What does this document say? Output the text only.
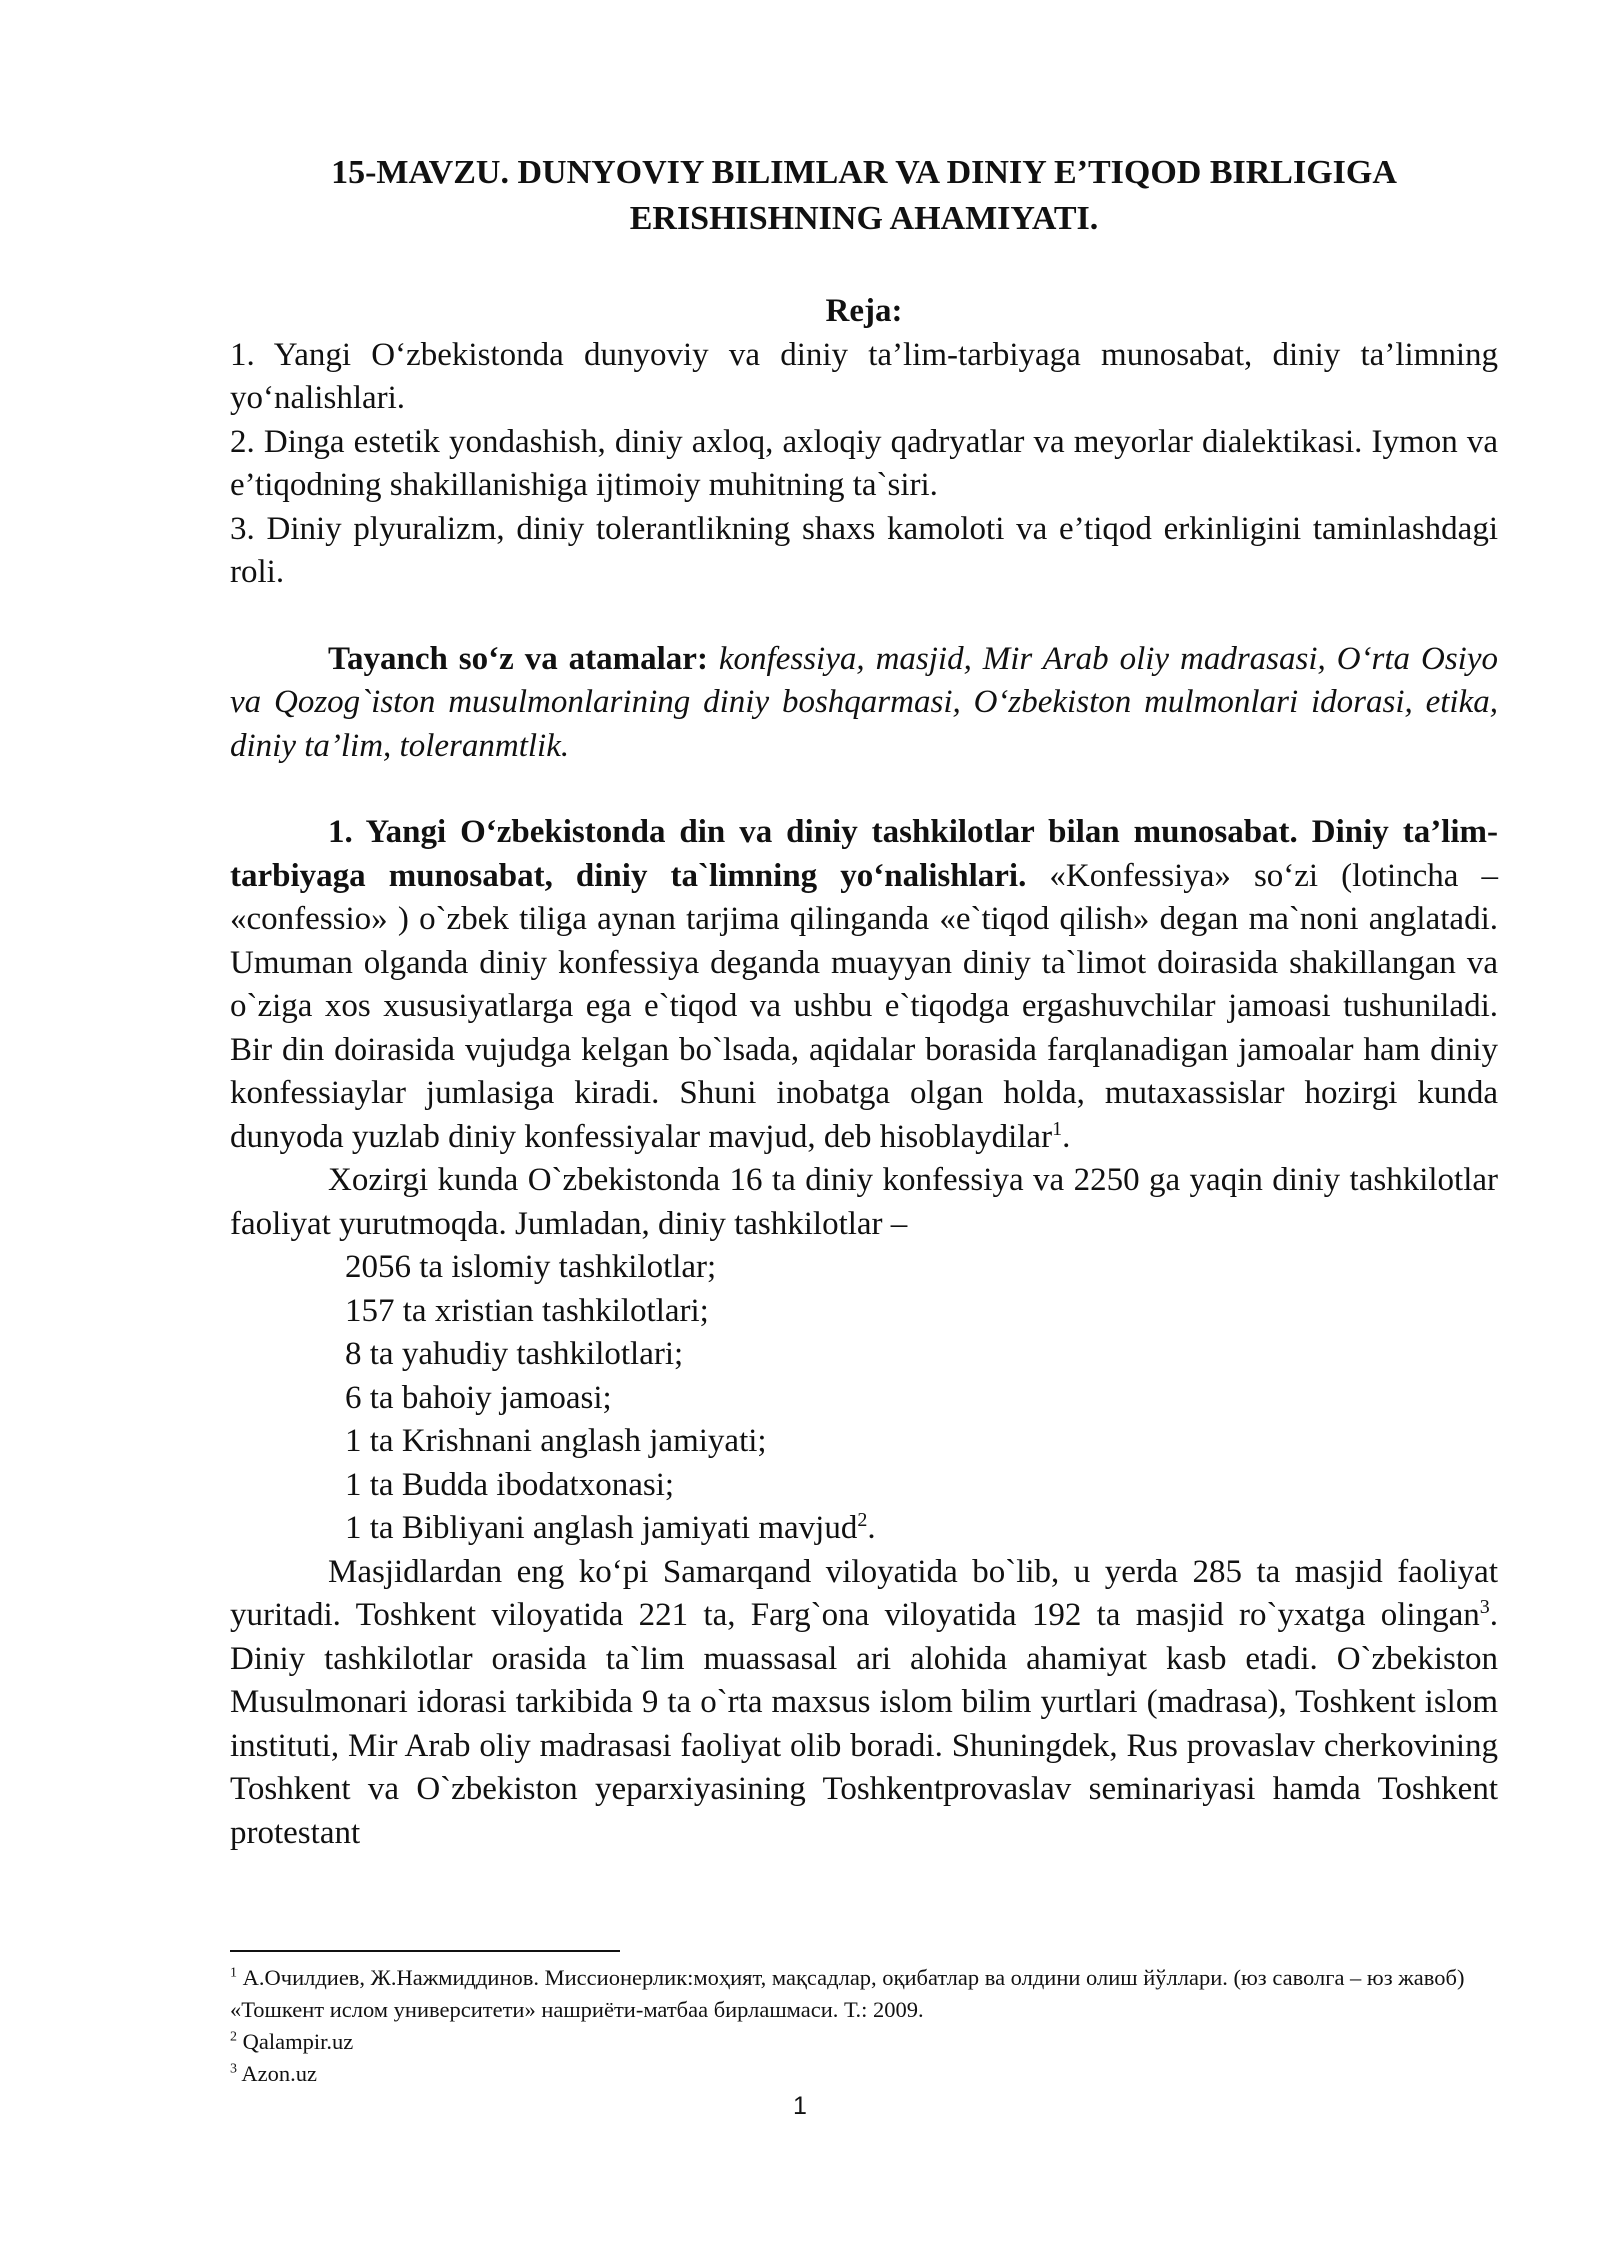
15-MAVZU. DUNYOVIY BILIMLAR VA DINIY E’TIQOD BIRLIGIGA
ERISHISHNING AHAMIYATI.

Reja:

1. Yangi O‘zbekistonda dunyoviy va diniy ta’lim-tarbiyaga munosabat, diniy ta’limning yo‘nalishlari.

2. Dinga estetik yondashish, diniy axloq, axloqiy qadryatlar va meyorlar dialektikasi. Iymon va e’tiqodning shakillanishiga ijtimoiy muhitning ta`siri.

3. Diniy plyuralizm, diniy tolerantlikning shaxs kamoloti va e’tiqod erkinligini taminlashdagi roli.

Tayanch so‘z va atamalar: konfessiya, masjid, Mir Arab oliy madrasasi, O‘rta Osiyo va Qozog`iston musulmonlarining diniy boshqarmasi, O‘zbekiston mulmonlari idorasi, etika, diniy ta’lim, toleranmtlik.

1. Yangi O‘zbekistonda din va diniy tashkilotlar bilan munosabat. Diniy ta’lim-tarbiyaga munosabat, diniy ta`limning yo‘nalishlari. «Konfessiya» so‘zi (lotincha – «confessio» ) o`zbek tiliga aynan tarjima qilinganda «e`tiqod qilish» degan ma`noni anglatadi. Umuman olganda diniy konfessiya deganda muayyan diniy ta`limot doirasida shakillangan va o`ziga xos xususiyatlarga ega e`tiqod va ushbu e`tiqodga ergashuvchilar jamoasi tushuniladi. Bir din doirasida vujudga kelgan bo`lsada, aqidalar borasida farqlanadigan jamoalar ham diniy konfessiaylar jumlasiga kiradi. Shuni inobatga olgan holda, mutaxassislar hozirgi kunda dunyoda yuzlab diniy konfessiyalar mavjud, deb hisoblaydilar$^1$.

Xozirgi kunda O`zbekistonda 16 ta diniy konfessiya va 2250 ga yaqin diniy tashkilotlar faoliyat yurutmoqda. Jumladan, diniy tashkilotlar –

2056 ta islomiy tashkilotlar;

157 ta xristian tashkilotlari;

8 ta yahudiy tashkilotlari;

6 ta bahoiy jamoasi;

1 ta Krishnani anglash jamiyati;

1 ta Budda ibodatxonasi;

1 ta Bibliyani anglash jamiyati mavjud$^2$.

Masjidlardan eng ko‘pi Samarqand viloyatida bo`lib, u yerda 285 ta masjid faoliyat yuritadi. Toshkent viloyatida 221 ta, Farg`ona viloyatida 192 ta masjid ro`yxatga olingan$^3$. Diniy tashkilotlar orasida ta`lim muassasal ari alohida ahamiyat kasb etadi. O`zbekiston Musulmonari idorasi tarkibida 9 ta o`rta maxsus islom bilim yurtlari (madrasa), Toshkent islom instituti, Mir Arab oliy madrasasi faoliyat olib boradi. Shuningdek, Rus provaslav cherkovining Toshkent va O`zbekiston yeparxiyasining Toshkentprovaslav seminariyasi hamda Toshkent protestant

$^1$ А.Очилдиев, Ж.Нажмиддинов. Миссионерлик:моҳият, мақсадлар, оқибатлар ва олдини олиш йўллари. (юз саволга – юз жавоб) «Тошкент ислом университети» нашриёти-матбаа бирлашмаси. Т.: 2009.

$^2$ Qalampir.uz

$^3$ Azon.uz

1
